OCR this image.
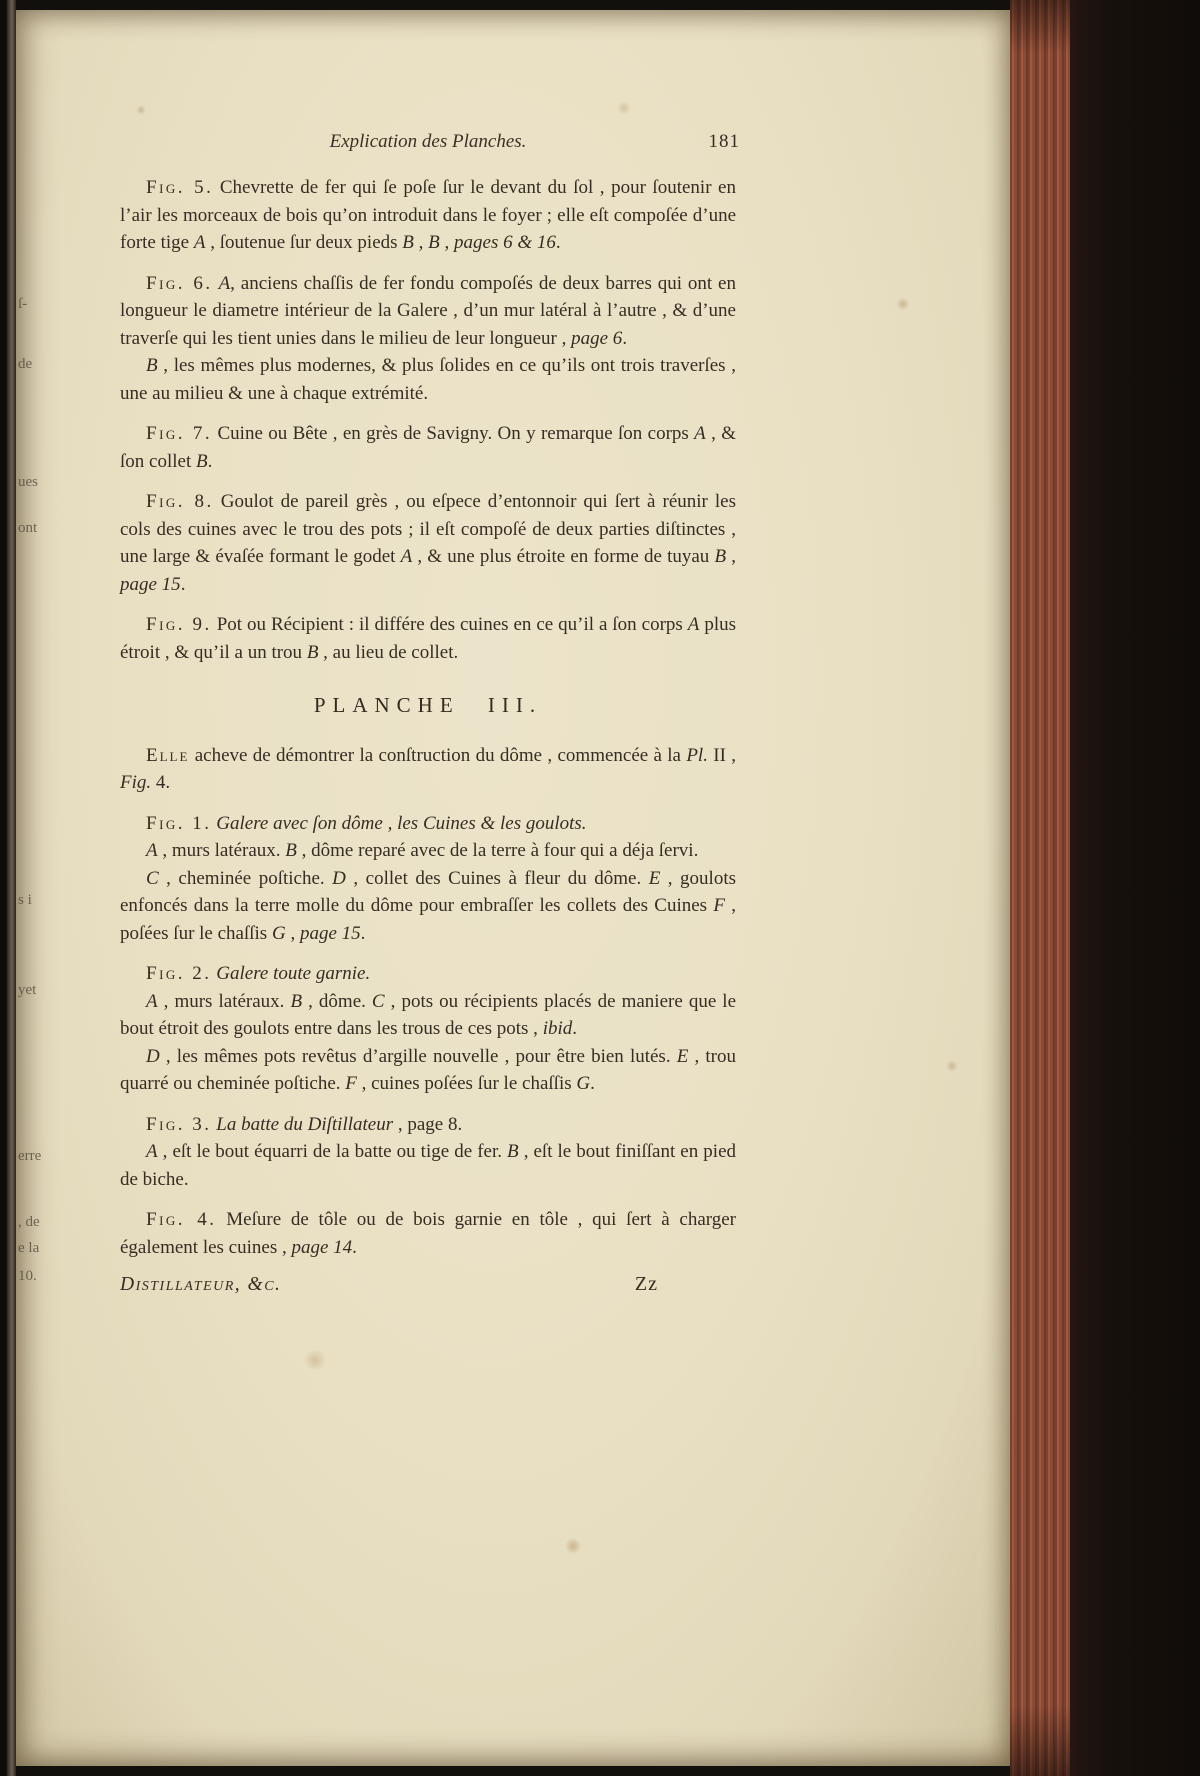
Explication des Planches.	181

Fig. 5. Chevrette de fer qui ſe poſe ſur le devant du ſol , pour ſoutenir en l’air les morceaux de bois qu’on introduit dans le foyer ; elle eſt compoſée d’une forte tige A , ſoutenue ſur deux pieds B , B , pages 6 & 16.

Fig. 6. A, anciens chaſſis de fer fondu compoſés de deux barres qui ont en longueur le diametre intérieur de la Galere , d’un mur latéral à l’autre , & d’une traverſe qui les tient unies dans le milieu de leur longueur , page 6.

B , les mêmes plus modernes, & plus ſolides en ce qu’ils ont trois traverſes , une au milieu & une à chaque extrémité.

Fig. 7. Cuine ou Bête , en grès de Savigny. On y remarque ſon corps A , & ſon collet B.

Fig. 8. Goulot de pareil grès , ou eſpece d’entonnoir qui ſert à réunir les cols des cuines avec le trou des pots ; il eſt compoſé de deux parties diſtinctes , une large & évaſée formant le godet A , & une plus étroite en forme de tuyau B , page 15.

Fig. 9. Pot ou Récipient : il différe des cuines en ce qu’il a ſon corps A plus étroit , & qu’il a un trou B , au lieu de collet.

PLANCHE III.

Elle acheve de démontrer la conſtruction du dôme , commencée à la Pl. II , Fig. 4.

Fig. 1. Galere avec ſon dôme , les Cuines & les goulots.

A , murs latéraux. B , dôme reparé avec de la terre à four qui a déja ſervi.

C , cheminée poſtiche. D , collet des Cuines à fleur du dôme. E , goulots enfoncés dans la terre molle du dôme pour embraſſer les collets des Cuines F , poſées ſur le chaſſis G , page 15.

Fig. 2. Galere toute garnie.

A , murs latéraux. B , dôme. C , pots ou récipients placés de maniere que le bout étroit des goulots entre dans les trous de ces pots , ibid.

D , les mêmes pots revêtus d’argille nouvelle , pour être bien lutés. E , trou quarré ou cheminée poſtiche. F , cuines poſées ſur le chaſſis G.

Fig. 3. La batte du Diſtillateur , page 8.

A , eſt le bout équarri de la batte ou tige de fer. B , eſt le bout finiſſant en pied de biche.

Fig. 4. Meſure de tôle ou de bois garnie en tôle , qui ſert à charger également les cuines , page 14.

Distillateur, &c.	Zz
ſ-
de
ues
ont
s i
yet
erre
, de
e la
10.
